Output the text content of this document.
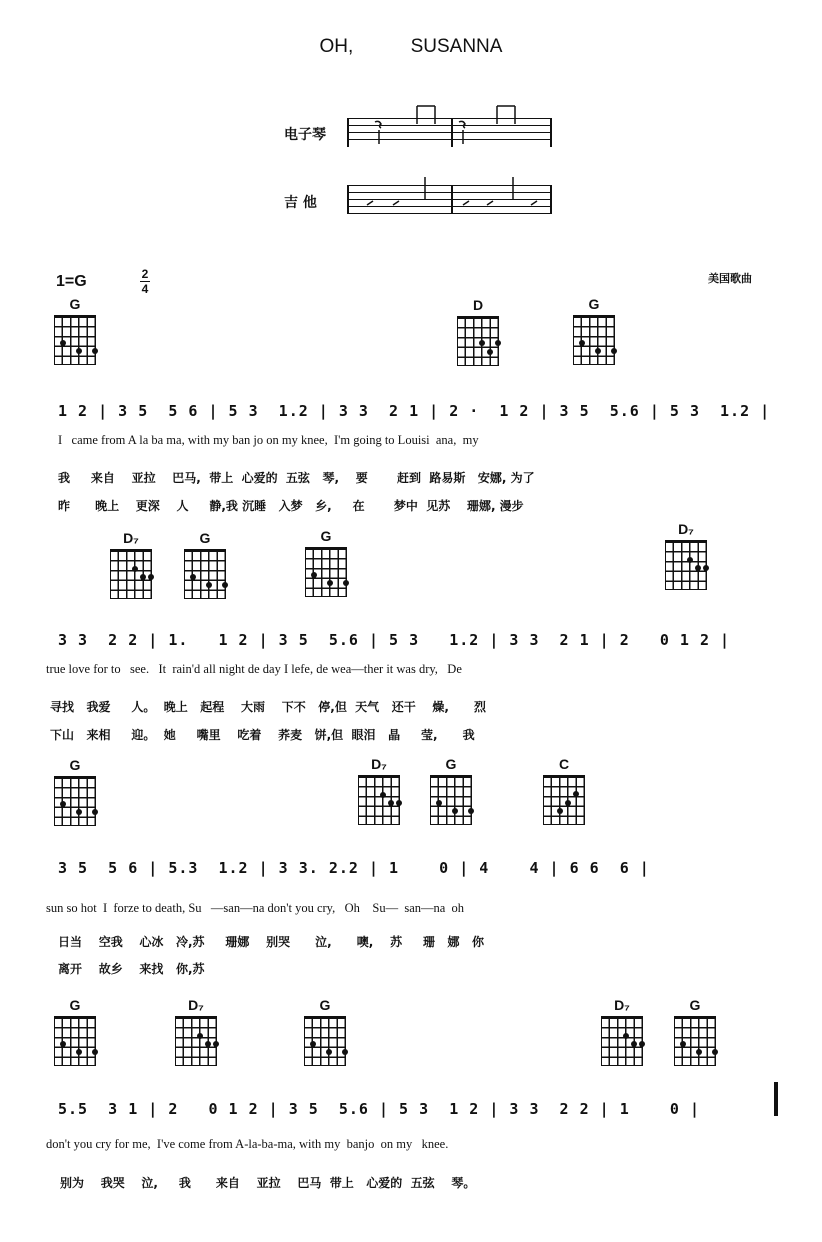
OH,	SUSANNA
电子琴
吉 他
1=G	2
4
美国歌曲
G	D	G
1 2 | 3 5  5 6 | 5 3  1.2 | 3 3  2 1 | 2 ·  1 2 | 3 5  5.6 | 5 3  1.2 |
I   came from A la ba ma, with my ban jo on my knee,  I'm going to Louisi  ana,  my
我     来自    亚拉    巴马,  带上  心爱的  五弦   琴,    要       赶到  路易斯   安娜, 为了
昨      晚上    更深    人     静,我 沉睡   入梦   乡,     在       梦中  见苏    珊娜, 漫步
D₇	G	G	D₇
3 3  2 2 | 1.   1 2 | 3 5  5.6 | 5 3   1.2 | 3 3  2 1 | 2   0 1 2 |
true love for to   see.   It  rain'd all night de day I lefe, de wea—ther it was dry,   De
寻找   我爱     人。  晚上   起程    大雨    下不   停,但  天气   还干    燥,      烈
下山   来相     迎。  她     嘴里    吃着    荞麦   饼,但  眼泪   晶     莹,      我
G	D₇	G	C
3 5  5 6 | 5.3  1.2 | 3 3. 2.2 | 1    0 | 4    4 | 6 6  6 |
sun so hot  I  forze to death, Su   —san—na don't you cry,   Oh    Su—  san—na  oh
日当    空我    心冰   冷,苏     珊娜    别哭      泣,      噢,    苏     珊   娜   你
离开    故乡    来找   你,苏
G	D₇	G	D₇	G
5.5  3 1 | 2   0 1 2 | 3 5  5.6 | 5 3  1 2 | 3 3  2 2 | 1    0 |
don't you cry for me,  I've come from A-la-ba-ma, with my  banjo  on my   knee.
别为    我哭    泣,     我      来自    亚拉    巴马  带上   心爱的  五弦    琴。
